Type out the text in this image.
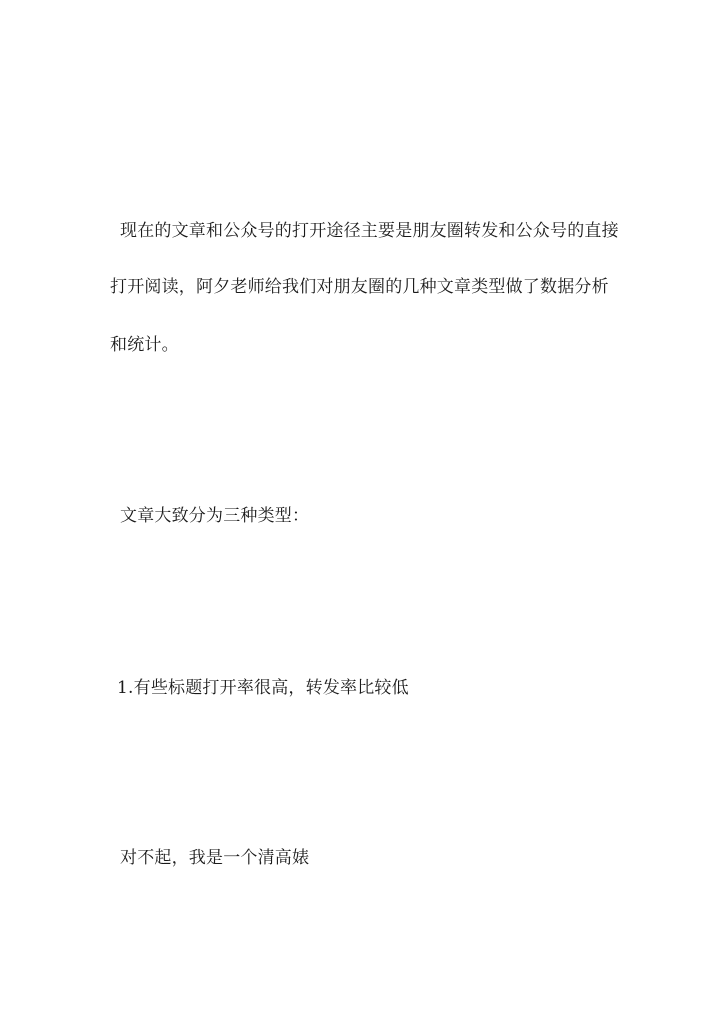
现在的文章和公众号的打开途径主要是朋友圈转发和公众号的直接
打开阅读，阿夕老师给我们对朋友圈的几种文章类型做了数据分析
和统计。
文章大致分为三种类型：
1.有些标题打开率很高，转发率比较低
对不起，我是一个清高婊
